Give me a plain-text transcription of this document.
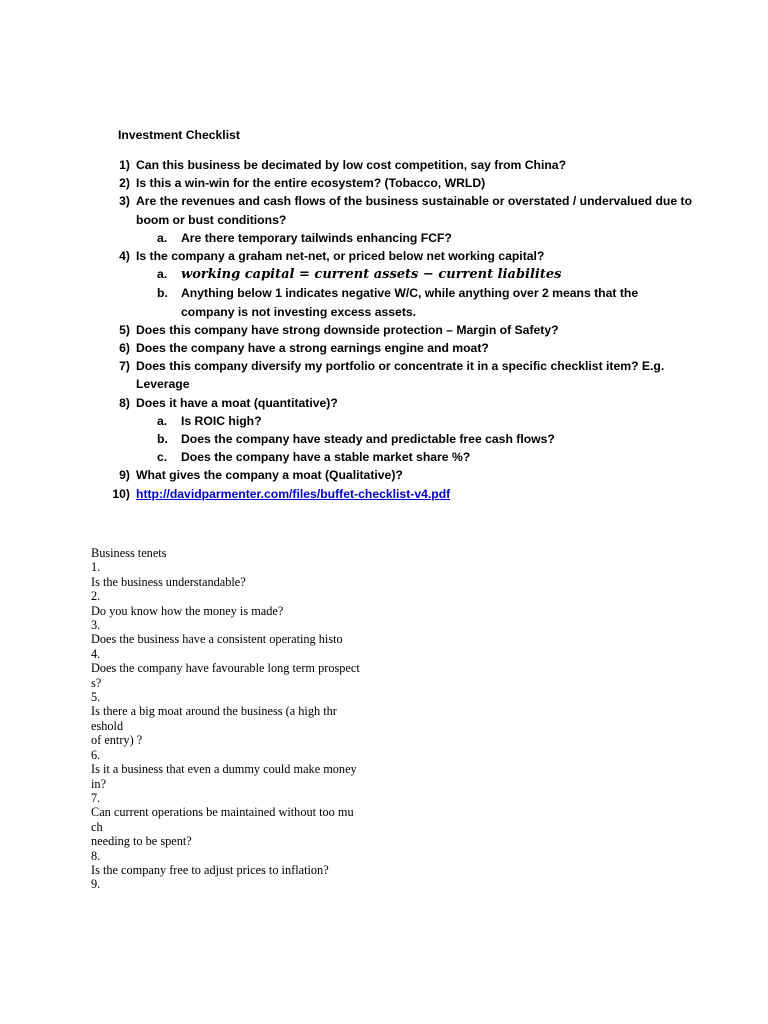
Investment Checklist
1) Can this business be decimated by low cost competition, say from China?
2) Is this a win-win for the entire ecosystem? (Tobacco, WRLD)
3) Are the revenues and cash flows of the business sustainable or overstated / undervalued due to
boom or bust conditions?
a. Are there temporary tailwinds enhancing FCF?
4) Is the company a graham net-net, or priced below net working capital?
a. working capital = current assets − current liabilites
b. Anything below 1 indicates negative W/C, while anything over 2 means that the
company is not investing excess assets.
5) Does this company have strong downside protection – Margin of Safety?
6) Does the company have a strong earnings engine and moat?
7) Does this company diversify my portfolio or concentrate it in a specific checklist item? E.g.
Leverage
8) Does it have a moat (quantitative)?
a. Is ROIC high?
b. Does the company have steady and predictable free cash flows?
c. Does the company have a stable market share %?
9) What gives the company a moat (Qualitative)?
10) http://davidparmenter.com/files/buffet-checklist-v4.pdf
Business tenets
1.
Is the business understandable?
2.
Do you know how the money is made?
3.
Does the business have a consistent operating histo
4.
Does the company have favourable long term prospect
s?
5.
Is there a big moat around the business (a high thr
eshold
of entry) ?
6.
Is it a business that even a dummy could make money
in?
7.
Can current operations be maintained without too mu
ch
needing to be spent?
8.
Is the company free to adjust prices to inflation?
9.
